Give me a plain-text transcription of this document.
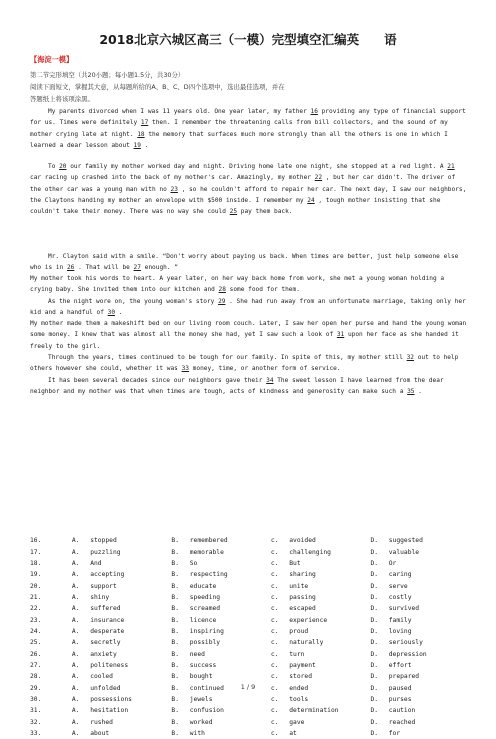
2018北京六城区高三（一模）完型填空汇编英　　语
【海淀一模】
第二节完形填空（共20小题；每小题1.5分，共30分）
阅读下面短文，掌握其大意，从每题所给的A、B、C、D四个选项中，选出最佳选项，并在
答题纸上将该项涂黑。
My parents divorced when I was 11 years old. One year later, my father 16 providing any type of financial support for us. Times were definitely 17 then. I remember the threatening calls from bill collectors, and the sound of my mother crying late at night. 18 the memory that surfaces much more strongly than all the others is one in which I learned a dear lesson about 19 .
To 20 our family my mother worked day and night. Driving home late one night, she stopped at a red light. A 21 car racing up crashed into the back of my mother's car. Amazingly, my mother 22 , but her car didn't. The driver of the other car was a young man with no 23 , so he couldn't afford to repair her car. The next day, I saw our neighbors, the Claytons handing my mother an envelope with $500 inside. I remember my 24 , tough mother insisting that she couldn't take their money. There was no way she could 25 pay them back.
Mr. Clayton said with a smile. “Don't worry about paying us back. When times are better, just help someone else who is in 26 . That will be 27 enough. ”
My mother took his words to heart. A year later, on her way back home from work, she met a young woman holding a crying baby. She invited them into our kitchen and 28 some food for them.
As the night wore on, the young woman's story 29 . She had run away from an unfortunate marriage, taking only her kid and a handful of 30 .
My mother made them a makeshift bed on our living room couch. Later, I saw her open her purse and hand the young woman some money. I knew that was almost all the money she had, yet I saw such a look of 31 upon her face as she handed it freely to the girl.
Through the years, times continued to be tough for our family. In spite of this, my mother still 32 out to help others however she could, whether it was 33 money, time, or another form of service.
It has been several decades since our neighbors gave their 34 The sweet lesson I have learned from the dear neighbor and my mother was that when times are tough, acts of kindness and generosity can make such a 35 .
16.	A.	stopped	B.	remembered	c.	avoided	D.	suggested
17.	A.	puzzling	B.	memorable	c.	challenging	D.	valuable
18.	A.	And	B.	So	c.	But	D.	Or
19.	A.	accepting	B.	respecting	c.	sharing	D.	caring
20.	A.	support	B.	educate	c.	unite	D.	serve
21.	A.	shiny	B.	speeding	c.	passing	D.	costly
22.	A.	suffered	B.	screamed	c.	escaped	D.	survived
23.	A.	insurance	B.	licence	c.	experience	D.	family
24.	A.	desperate	B.	inspiring	c.	proud	D.	loving
25.	A.	secretly	B.	possibly	c.	naturally	D.	seriously
26.	A.	anxiety	B.	need	c.	turn	D.	depression
27.	A.	politeness	B.	success	c.	payment	D.	effort
28.	A.	cooled	B.	bought	c.	stored	D.	prepared
29.	A.	unfolded	B.	continued	c.	ended	D.	paused
30.	A.	possessions	B.	jewels	c.	tools	D.	purses
31.	A.	hesitation	B.	confusion	c.	determination	D.	caution
32.	A.	rushed	B.	worked	c.	gave	D.	reached
33.	A.	about	B.	with	c.	at	D.	for
1 / 9
